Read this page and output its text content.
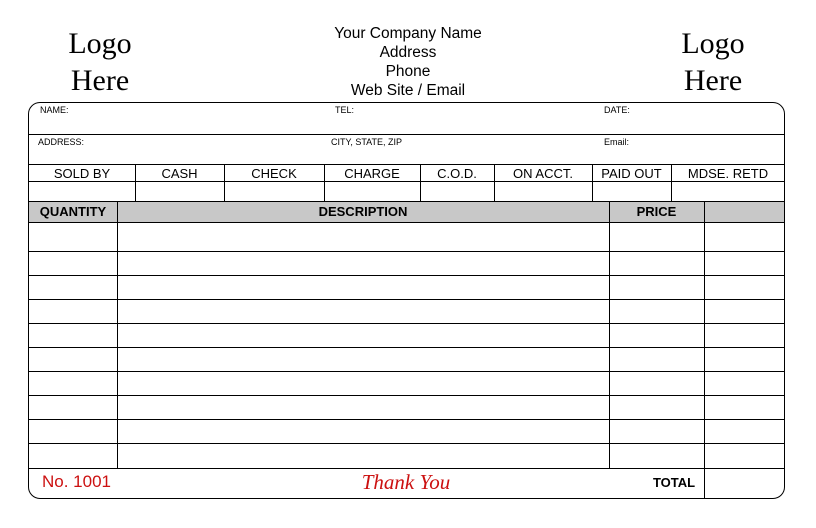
Logo
Here
Logo
Here
Your Company Name
Address
Phone
Web Site / Email
NAME:	TEL:	DATE:
ADDRESS:	CITY, STATE, ZIP	Email:
SOLD BY	CASH	CHECK	CHARGE	C.O.D.	ON ACCT.	PAID OUT	MDSE. RETD
QUANTITY	DESCRIPTION	PRICE
No. 1001	Thank You	TOTAL
